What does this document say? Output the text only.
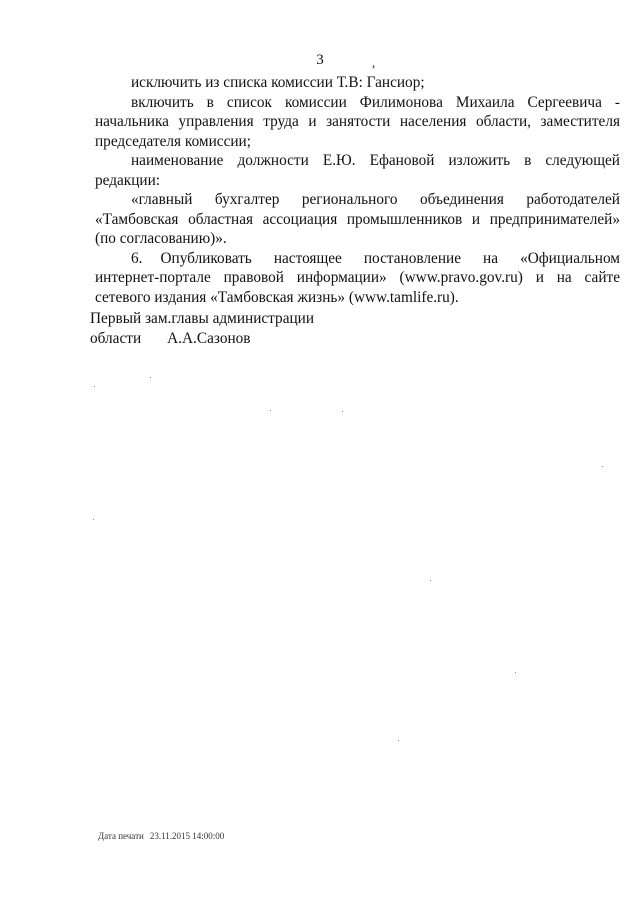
3	,
исключить из списка комиссии Т.В: Гансиор;
включить в список комиссии Филимонова Михаила Сергеевича -
начальника управления труда и занятости населения области, заместителя
председателя комиссии;
наименование должности Е.Ю. Ефановой изложить в следующей
редакции:
«главный бухгалтер регионального объединения работодателей
«Тамбовская областная ассоциация промышленников и предпринимателей»
(по согласованию)».
6. Опубликовать настоящее постановление на «Официальном
интернет-портале правовой информации» (www.pravo.gov.ru) и на сайте
сетевого издания «Тамбовская жизнь» (www.tamlife.ru).
Первый зам.главы администрации
области А.А.Сазонов
Дата печати 23.11.2015 14:00:00
